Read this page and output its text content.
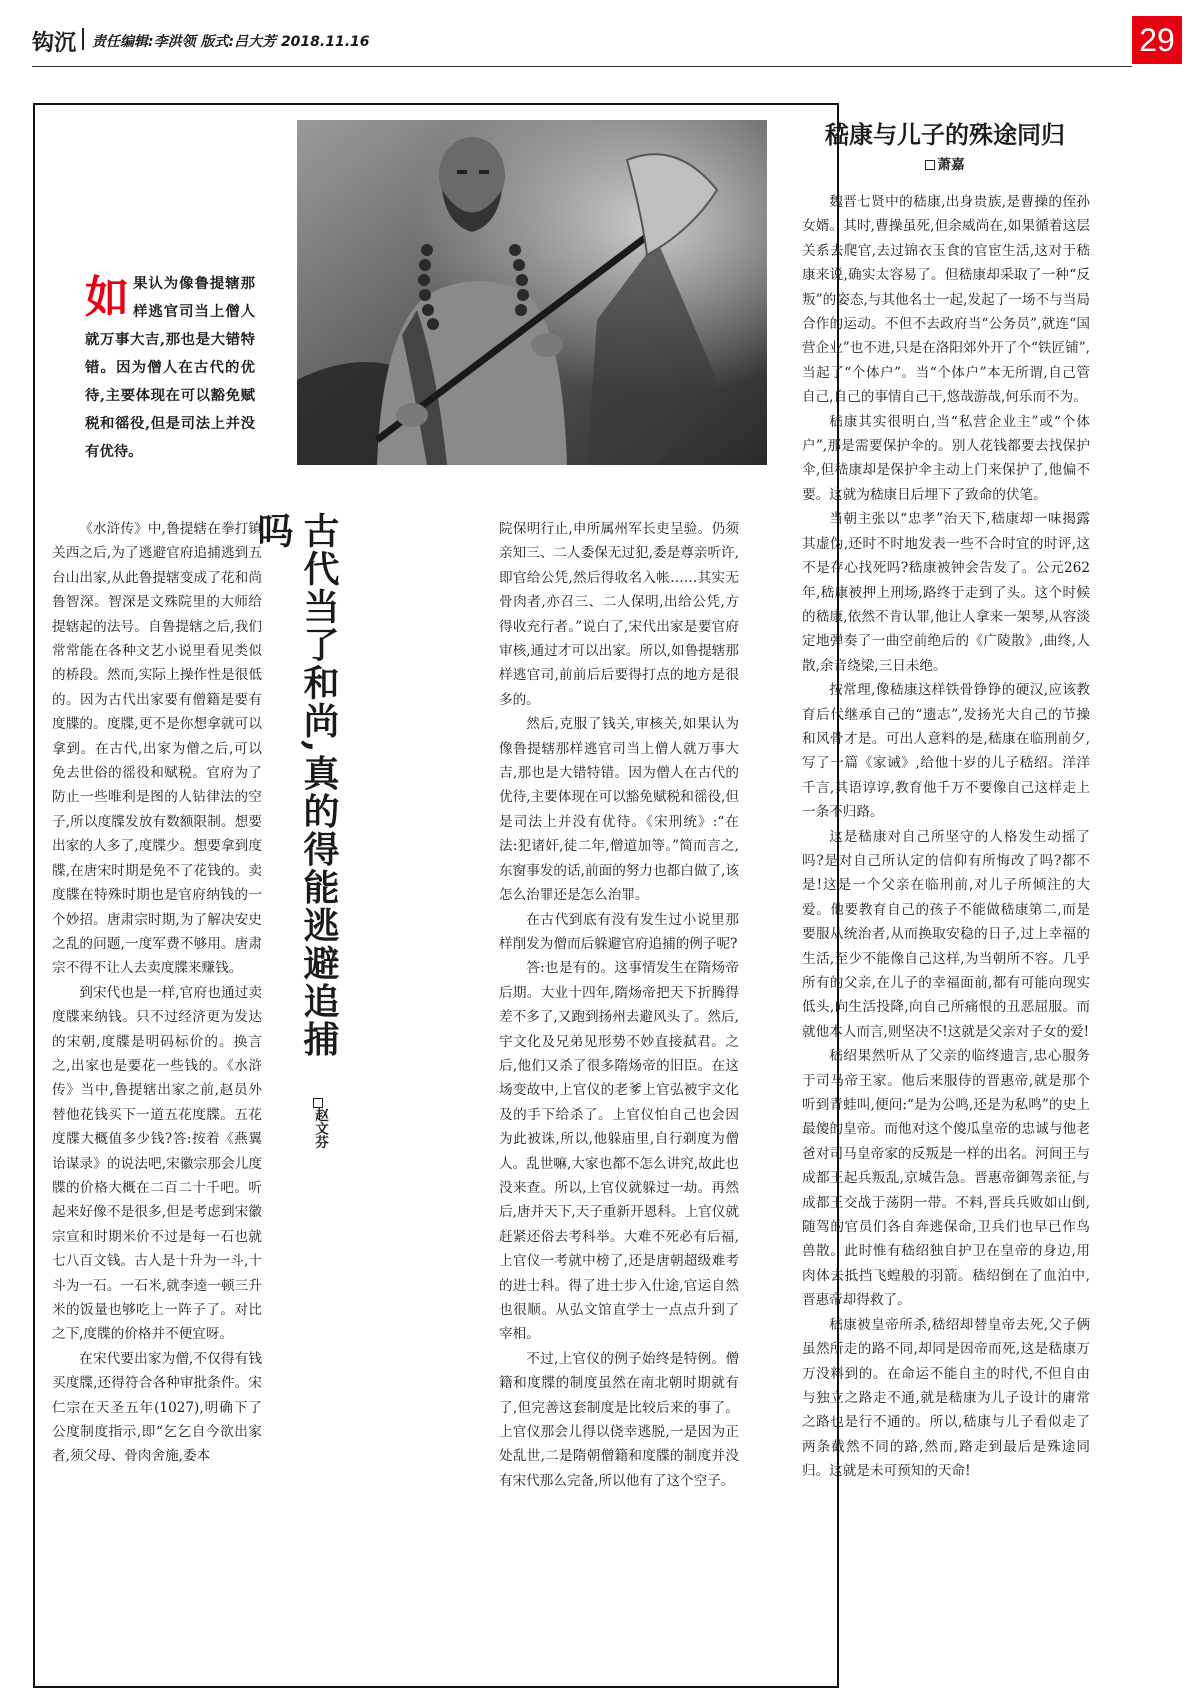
钩沉 责任编辑:李洪领 版式:吕大芳 2018.11.16	29
如果认为像鲁提辖那样逃官司当上僧人就万事大吉,那也是大错特错。因为僧人在古代的优待,主要体现在可以豁免赋税和徭役,但是司法上并没有优待。
古代当了和尚,真的得能逃避追捕吗
赵文芬

《水浒传》中,鲁提辖在拳打镇关西之后,为了逃避官府追捕逃到五台山出家,从此鲁提辖变成了花和尚鲁智深。智深是文殊院里的大师给提辖起的法号。自鲁提辖之后,我们常常能在各种文艺小说里看见类似的桥段。然而,实际上操作性是很低的。因为古代出家要有僧籍是要有度牒的。度牒,更不是你想拿就可以拿到。在古代,出家为僧之后,可以免去世俗的徭役和赋税。官府为了防止一些唯利是图的人钻律法的空子,所以度牒发放有数额限制。想要出家的人多了,度牒少。想要拿到度牒,在唐宋时期是免不了花钱的。卖度牒在特殊时期也是官府纳钱的一个妙招。唐肃宗时期,为了解决安史之乱的问题,一度军费不够用。唐肃宗不得不让人去卖度牒来赚钱。

到宋代也是一样,官府也通过卖度牒来纳钱。只不过经济更为发达的宋朝,度牒是明码标价的。换言之,出家也是要花一些钱的。《水浒传》当中,鲁提辖出家之前,赵员外替他花钱买下一道五花度牒。五花度牒大概值多少钱?答:按着《燕翼诒谋录》的说法吧,宋徽宗那会儿度牒的价格大概在二百二十千吧。听起来好像不是很多,但是考虑到宋徽宗宣和时期米价不过是每一石也就七八百文钱。古人是十升为一斗,十斗为一石。一石米,就李逵一顿三升米的饭量也够吃上一阵子了。对比之下,度牒的价格并不便宜呀。

在宋代要出家为僧,不仅得有钱买度牒,还得符合各种审批条件。宋仁宗在天圣五年(1027),明确下了公度制度指示,即“乞乞自今欲出家者,须父母、骨肉舍施,委本

院保明行止,申所属州军长吏呈验。仍须亲知三、二人委保无过犯,委是尊亲听许,即官给公凭,然后得收名入帐……其实无骨肉者,亦召三、二人保明,出给公凭,方得收充行者。”说白了,宋代出家是要官府审核,通过才可以出家。所以,如鲁提辖那样逃官司,前前后后要得打点的地方是很多的。

然后,克服了钱关,审核关,如果认为像鲁提辖那样逃官司当上僧人就万事大吉,那也是大错特错。因为僧人在古代的优待,主要体现在可以豁免赋税和徭役,但是司法上并没有优待。《宋刑统》:“在法:犯诸奸,徒二年,僧道加等。”简而言之,东窗事发的话,前面的努力也都白做了,该怎么治罪还是怎么治罪。

在古代到底有没有发生过小说里那样削发为僧而后躲避官府追捕的例子呢?

答:也是有的。这事情发生在隋炀帝后期。大业十四年,隋炀帝把天下折腾得差不多了,又跑到扬州去避风头了。然后,宇文化及兄弟见形势不妙直接弑君。之后,他们又杀了很多隋炀帝的旧臣。在这场变故中,上官仪的老爹上官弘被宇文化及的手下给杀了。上官仪怕自己也会因为此被诛,所以,他躲庙里,自行剃度为僧人。乱世嘛,大家也都不怎么讲究,故此也没来查。所以,上官仪就躲过一劫。再然后,唐并天下,天子重新开恩科。上官仪就赶紧还俗去考科举。大难不死必有后福,上官仪一考就中榜了,还是唐朝超级难考的进士科。得了进士步入仕途,官运自然也很顺。从弘文馆直学士一点点升到了宰相。

不过,上官仪的例子始终是特例。僧籍和度牒的制度虽然在南北朝时期就有了,但完善这套制度是比较后来的事了。上官仪那会儿得以侥幸逃脱,一是因为正处乱世,二是隋朝僧籍和度牒的制度并没有宋代那么完备,所以他有了这个空子。

嵇康与儿子的殊途同归
萧嘉

魏晋七贤中的嵇康,出身贵族,是曹操的侄孙女婿。其时,曹操虽死,但余威尚在,如果循着这层关系去爬官,去过锦衣玉食的官宦生活,这对于嵇康来说,确实太容易了。但嵇康却采取了一种“反叛”的姿态,与其他名士一起,发起了一场不与当局合作的运动。不但不去政府当“公务员”,就连“国营企业”也不进,只是在洛阳郊外开了个“铁匠铺”,当起了“个体户”。当“个体户”本无所谓,自己管自己,自己的事情自己干,悠哉游哉,何乐而不为。

嵇康其实很明白,当“私营企业主”或“个体户”,那是需要保护伞的。别人花钱都要去找保护伞,但嵇康却是保护伞主动上门来保护了,他偏不要。这就为嵇康日后埋下了致命的伏笔。

当朝主张以“忠孝”治天下,嵇康却一味揭露其虚伪,还时不时地发表一些不合时宜的时评,这不是存心找死吗?嵇康被钟会告发了。公元262年,嵇康被押上刑场,路终于走到了头。这个时候的嵇康,依然不肯认罪,他让人拿来一架琴,从容淡定地弹奏了一曲空前绝后的《广陵散》,曲终,人散,余音绕梁,三日未绝。

按常理,像嵇康这样铁骨铮铮的硬汉,应该教育后代继承自己的“遗志”,发扬光大自己的节操和风骨才是。可出人意料的是,嵇康在临刑前夕,写了一篇《家诫》,给他十岁的儿子嵇绍。洋洋千言,其语谆谆,教育他千万不要像自己这样走上一条不归路。

这是嵇康对自己所坚守的人格发生动摇了吗?是对自己所认定的信仰有所悔改了吗?都不是!这是一个父亲在临刑前,对儿子所倾注的大爱。他要教育自己的孩子不能做嵇康第二,而是要服从统治者,从而换取安稳的日子,过上幸福的生活,至少不能像自己这样,为当朝所不容。几乎所有的父亲,在儿子的幸福面前,都有可能向现实低头,向生活投降,向自己所痛恨的丑恶屈服。而就他本人而言,则坚决不!这就是父亲对子女的爱!

嵇绍果然听从了父亲的临终遗言,忠心服务于司马帝王家。他后来服侍的晋惠帝,就是那个听到青蛙叫,便问:“是为公鸣,还是为私鸣”的史上最傻的皇帝。而他对这个傻瓜皇帝的忠诚与他老爸对司马皇帝家的反叛是一样的出名。河间王与成都王起兵叛乱,京城告急。晋惠帝御驾亲征,与成都王交战于荡阴一带。不料,晋兵兵败如山倒,随驾的官员们各自奔逃保命,卫兵们也早已作鸟兽散。此时惟有嵇绍独自护卫在皇帝的身边,用肉体去抵挡飞蝗般的羽箭。嵇绍倒在了血泊中,晋惠帝却得救了。

嵇康被皇帝所杀,嵇绍却替皇帝去死,父子俩虽然所走的路不同,却同是因帝而死,这是嵇康万万没料到的。在命运不能自主的时代,不但自由与独立之路走不通,就是嵇康为儿子设计的庸常之路也是行不通的。所以,嵇康与儿子看似走了两条截然不同的路,然而,路走到最后是殊途同归。这就是未可预知的天命!
